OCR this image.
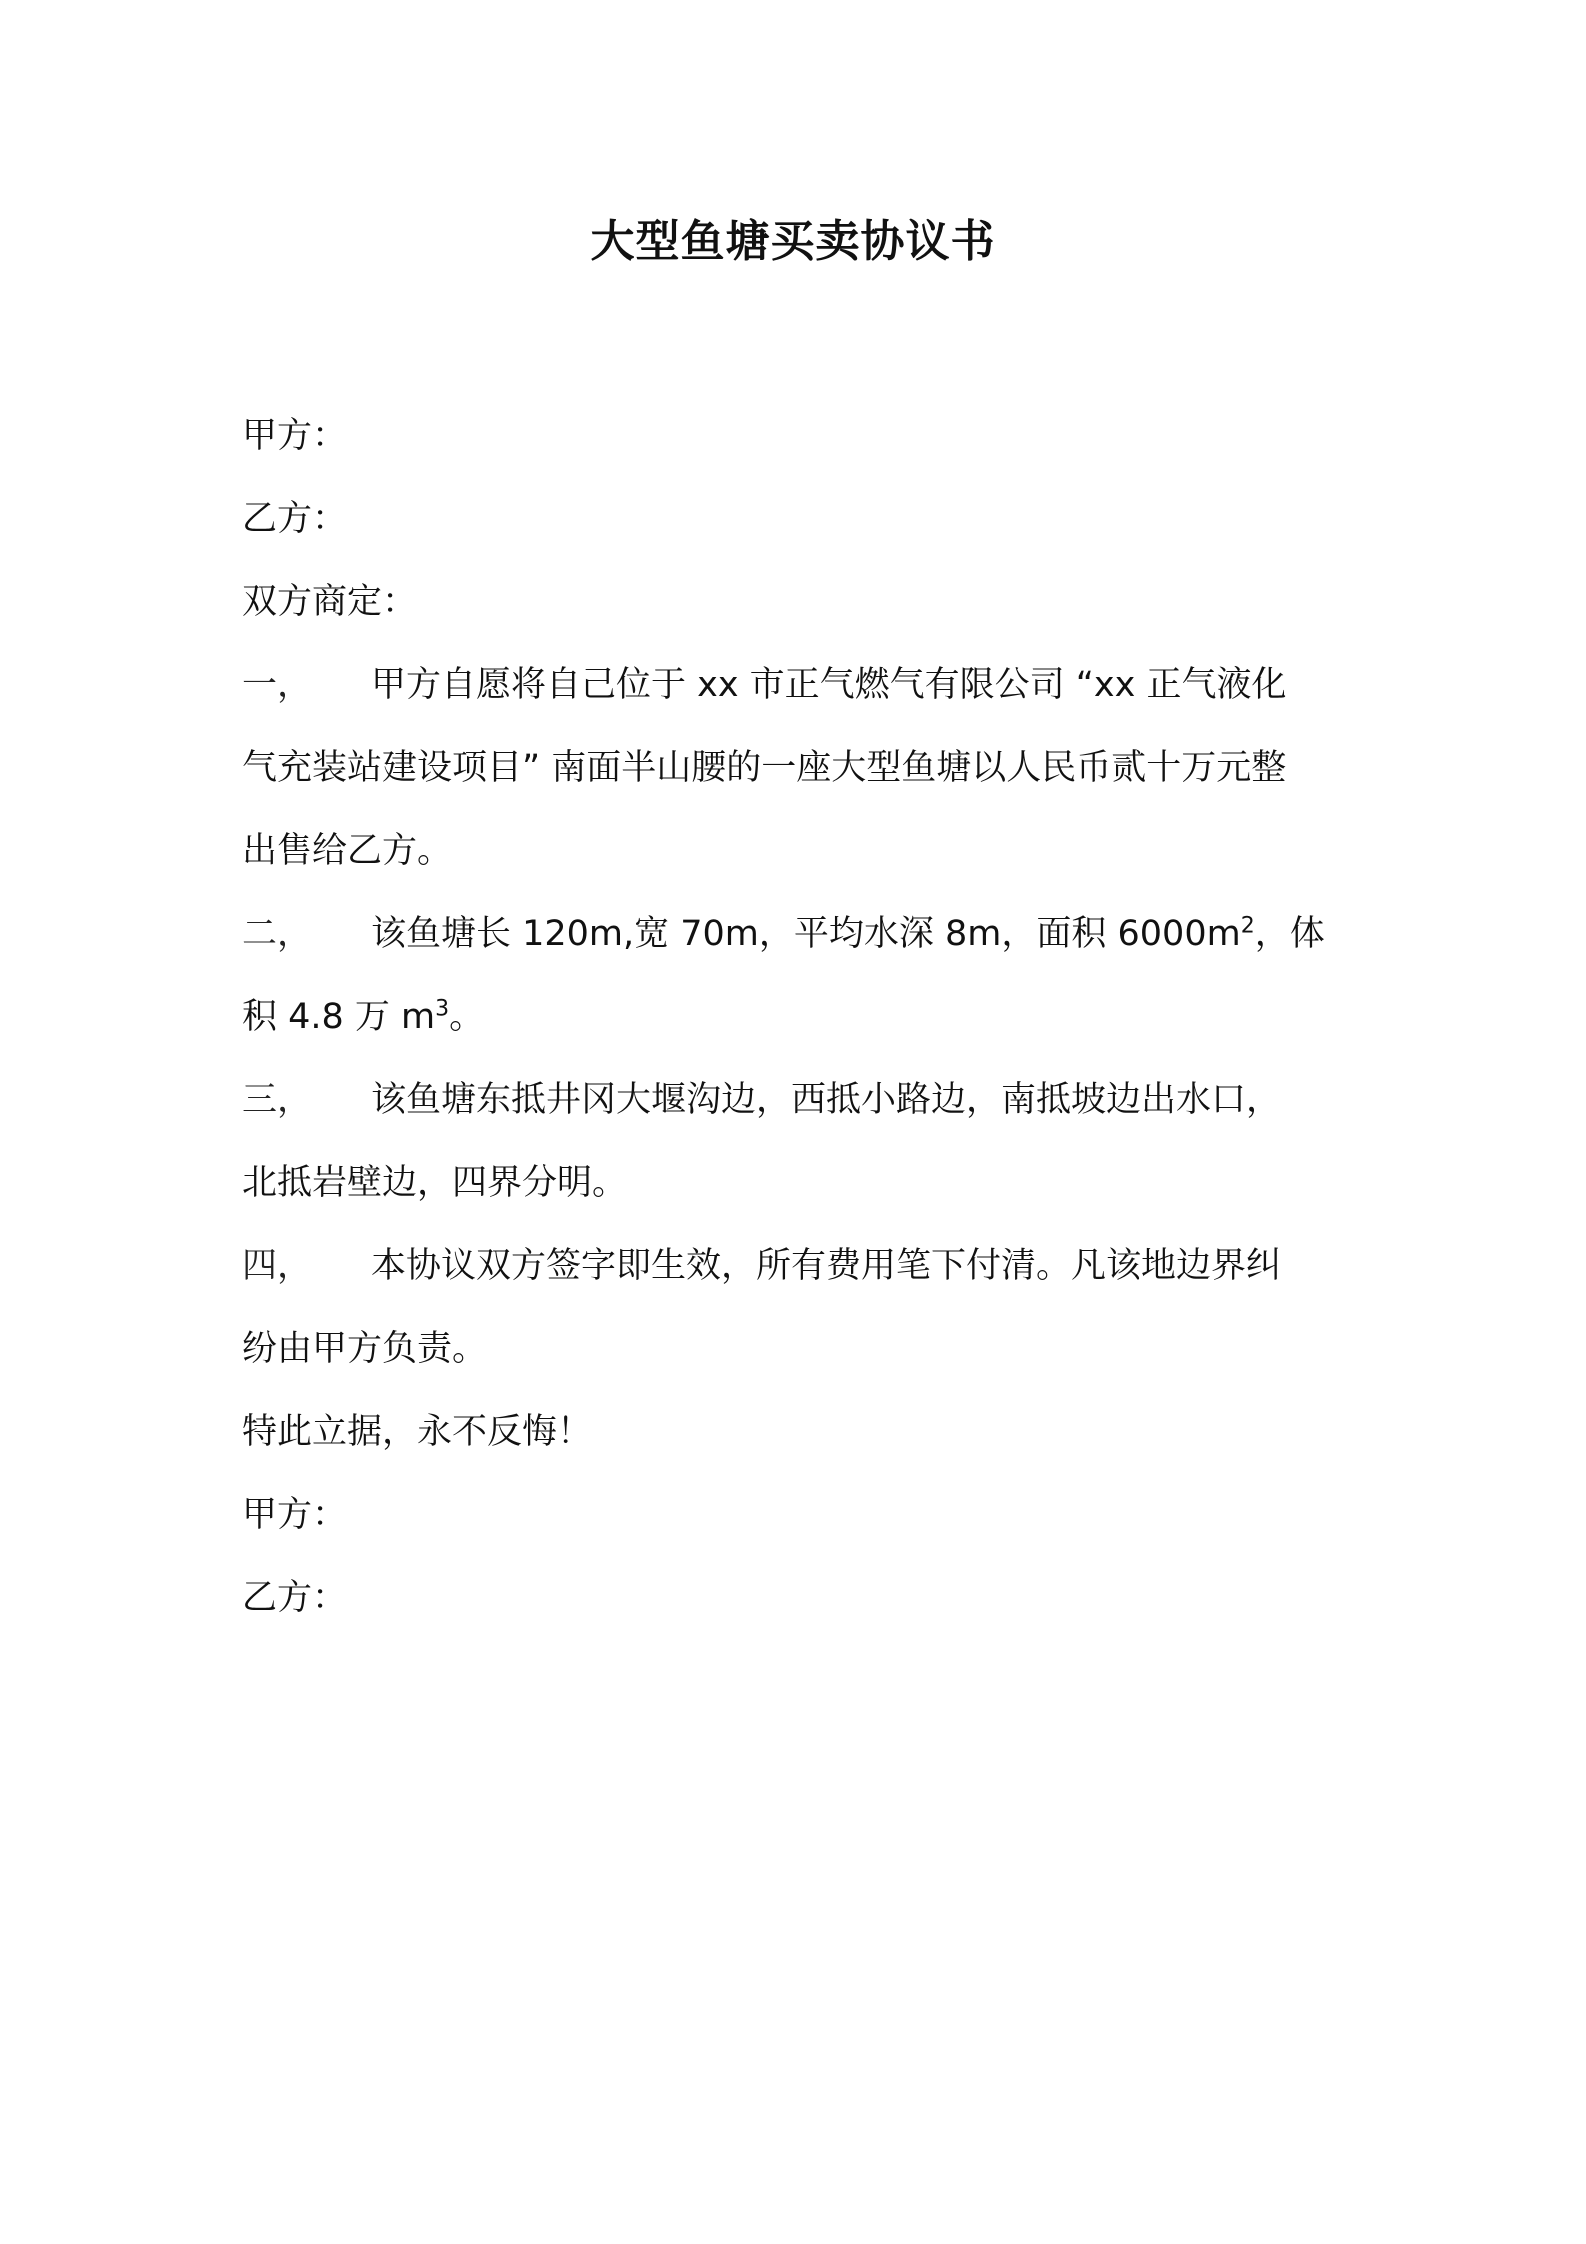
大型鱼塘买卖协议书
甲方：
乙方：
双方商定：
一， 甲方自愿将自己位于 xx 市正气燃气有限公司 “xx 正气液化
气充装站建设项目” 南面半山腰的一座大型鱼塘以人民币贰十万元整
出售给乙方。
二， 该鱼塘长 120m,宽 70m，平均水深 8m，面积 $6000m^2$，体
积 4.8 万 $m^3$。
三， 该鱼塘东抵井冈大堰沟边，西抵小路边，南抵坡边出水口，
北抵岩壁边，四界分明。
四， 本协议双方签字即生效，所有费用笔下付清。凡该地边界纠
纷由甲方负责。
特此立据，永不反悔！
甲方：
乙方：
